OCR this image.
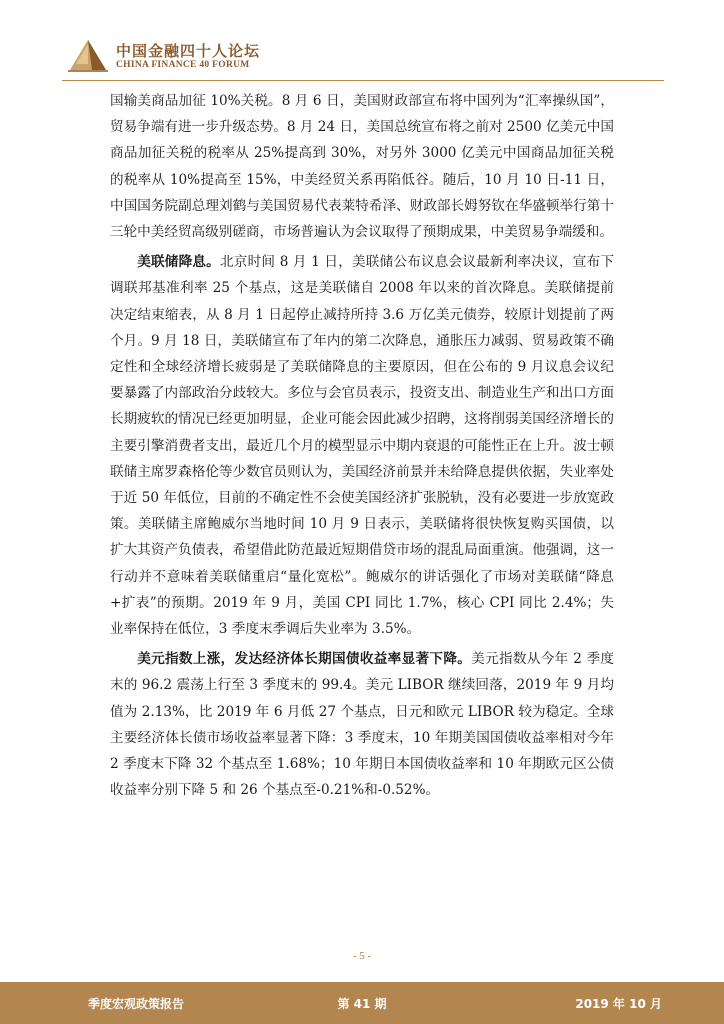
中国金融四十人论坛
CHINA FINANCE 40 FORUM

国输美商品加征 10%关税。8 月 6 日，美国财政部宣布将中国列为“汇率操纵国”，贸易争端有进一步升级态势。8 月 24 日，美国总统宣布将之前对 2500 亿美元中国商品加征关税的税率从 25%提高到 30%，对另外 3000 亿美元中国商品加征关税的税率从 10%提高至 15%，中美经贸关系再陷低谷。随后，10 月 10 日-11 日，中国国务院副总理刘鹤与美国贸易代表莱特希泽、财政部长姆努钦在华盛顿举行第十三轮中美经贸高级别磋商，市场普遍认为会议取得了预期成果，中美贸易争端缓和。

美联储降息。北京时间 8 月 1 日，美联储公布议息会议最新利率决议，宣布下调联邦基准利率 25 个基点，这是美联储自 2008 年以来的首次降息。美联储提前决定结束缩表，从 8 月 1 日起停止减持所持 3.6 万亿美元债券，较原计划提前了两个月。9 月 18 日，美联储宣布了年内的第二次降息，通胀压力减弱、贸易政策不确定性和全球经济增长疲弱是了美联储降息的主要原因，但在公布的 9 月议息会议纪要暴露了内部政治分歧较大。多位与会官员表示，投资支出、制造业生产和出口方面长期疲软的情况已经更加明显，企业可能会因此减少招聘，这将削弱美国经济增长的主要引擎消费者支出，最近几个月的模型显示中期内衰退的可能性正在上升。波士顿联储主席罗森格伦等少数官员则认为，美国经济前景并未给降息提供依据，失业率处于近 50 年低位，目前的不确定性不会使美国经济扩张脱轨，没有必要进一步放宽政策。美联储主席鲍威尔当地时间 10 月 9 日表示，美联储将很快恢复购买国债，以扩大其资产负债表，希望借此防范最近短期借贷市场的混乱局面重演。他强调，这一行动并不意味着美联储重启“量化宽松”。鲍威尔的讲话强化了市场对美联储“降息+扩表”的预期。2019 年 9 月，美国 CPI 同比 1.7%，核心 CPI 同比 2.4%；失业率保持在低位，3 季度末季调后失业率为 3.5%。

美元指数上涨，发达经济体长期国债收益率显著下降。美元指数从今年 2 季度末的 96.2 震荡上行至 3 季度末的 99.4。美元 LIBOR 继续回落，2019 年 9 月均值为 2.13%，比 2019 年 6 月低 27 个基点，日元和欧元 LIBOR 较为稳定。全球主要经济体长债市场收益率显著下降：3 季度末，10 年期美国国债收益率相对今年 2 季度末下降 32 个基点至 1.68%；10 年期日本国债收益率和 10 年期欧元区公债收益率分别下降 5 和 26 个基点至-0.21%和-0.52%。

- 5 -
季度宏观政策报告	第 41 期	2019 年 10 月
